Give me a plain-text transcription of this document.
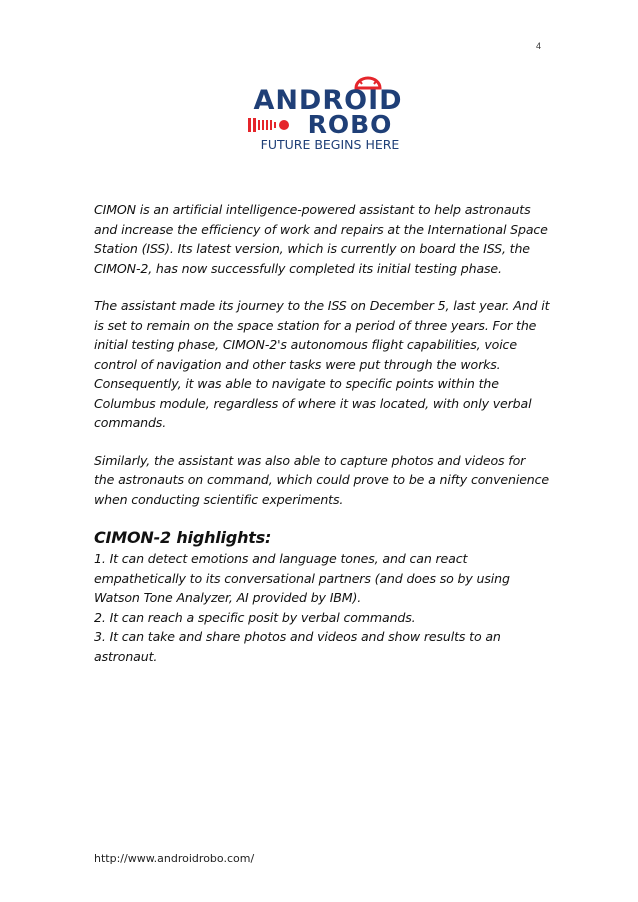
4
ANDROID
ROBO
FUTURE BEGINS HERE

CIMON is an artificial intelligence-powered assistant to help astronauts
and increase the efficiency of work and repairs at the International Space
Station (ISS). Its latest version, which is currently on board the ISS, the
CIMON-2, has now successfully completed its initial testing phase.

The assistant made its journey to the ISS on December 5, last year. And it
is set to remain on the space station for a period of three years. For the
initial testing phase, CIMON-2's autonomous flight capabilities, voice
control of navigation and other tasks were put through the works.
Consequently, it was able to navigate to specific points within the
Columbus module, regardless of where it was located, with only verbal
commands.

Similarly, the assistant was also able to capture photos and videos for
the astronauts on command, which could prove to be a nifty convenience
when conducting scientific experiments.

CIMON-2 highlights:
1. It can detect emotions and language tones, and can react
empathetically to its conversational partners (and does so by using
Watson Tone Analyzer, AI provided by IBM).
2. It can reach a specific posit by verbal commands.
3. It can take and share photos and videos and show results to an
astronaut.
http://www.androidrobo.com/
